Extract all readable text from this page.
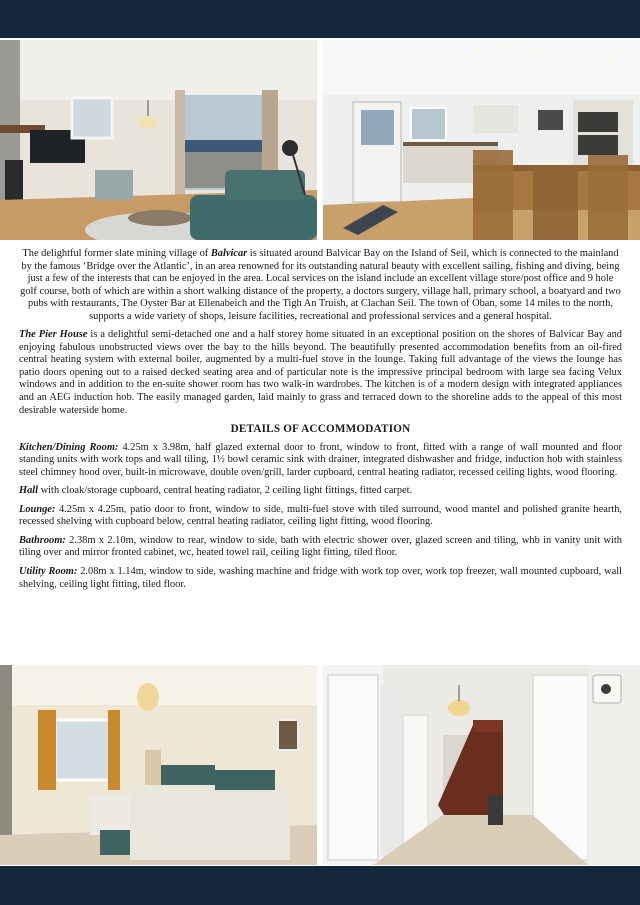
The delightful former slate mining village of Balvicar is situated around Balvicar Bay on the Island of Seil, which is connected to the mainland by the famous ‘Bridge over the Atlantic’, in an area renowned for its outstanding natural beauty with excellent sailing, fishing and diving, being just a few of the interests that can be enjoyed in the area. Local services on the island include an excellent village store/post office and 9 hole golf course, both of which are within a short walking distance of the property, a doctors surgery, village hall, primary school, a boatyard and two pubs with restaurants, The Oyster Bar at Ellenabeich and the Tigh An Truish, at Clachan Seil. The town of Oban, some 14 miles to the north, supports a wide variety of shops, leisure facilities, recreational and professional services and a general hospital.

The Pier House is a delightful semi-detached one and a half storey home situated in an exceptional position on the shores of Balvicar Bay and enjoying fabulous unobstructed views over the bay to the hills beyond. The beautifully presented accommodation benefits from an oil-fired central heating system with external boiler, augmented by a multi-fuel stove in the lounge. Taking full advantage of the views the lounge has patio doors opening out to a raised decked seating area and of particular note is the impressive principal bedroom with large sea facing Velux windows and in addition to the en-suite shower room has two walk-in wardrobes. The kitchen is of a modern design with integrated appliances and an AEG induction hob. The easily managed garden, laid mainly to grass and terraced down to the shoreline adds to the appeal of this most desirable waterside home.

DETAILS OF ACCOMMODATION

Kitchen/Dining Room: 4.25m x 3.98m, half glazed external door to front, window to front, fitted with a range of wall mounted and floor standing units with work tops and wall tiling, 1½ bowl ceramic sink with drainer, integrated dishwasher and fridge, induction hob with stainless steel chimney hood over, built-in microwave, double oven/grill, larder cupboard, central heating radiator, recessed ceiling lights, wood flooring.

Hall with cloak/storage cupboard, central heating radiator, 2 ceiling light fittings, fitted carpet.

Lounge: 4.25m x 4.25m, patio door to front, window to side, multi-fuel stove with tiled surround, wood mantel and polished granite hearth, recessed shelving with cupboard below, central heating radiator, ceiling light fitting, wood flooring.

Bathroom: 2.38m x 2.10m, window to rear, window to side, bath with electric shower over, glazed screen and tiling, whb in vanity unit with tiling over and mirror fronted cabinet, wc, heated towel rail, ceiling light fitting, tiled floor.

Utility Room: 2.08m x 1.14m, window to side, washing machine and fridge with work top over, work top freezer, wall mounted cupboard, wall shelving, ceiling light fitting, tiled floor.
